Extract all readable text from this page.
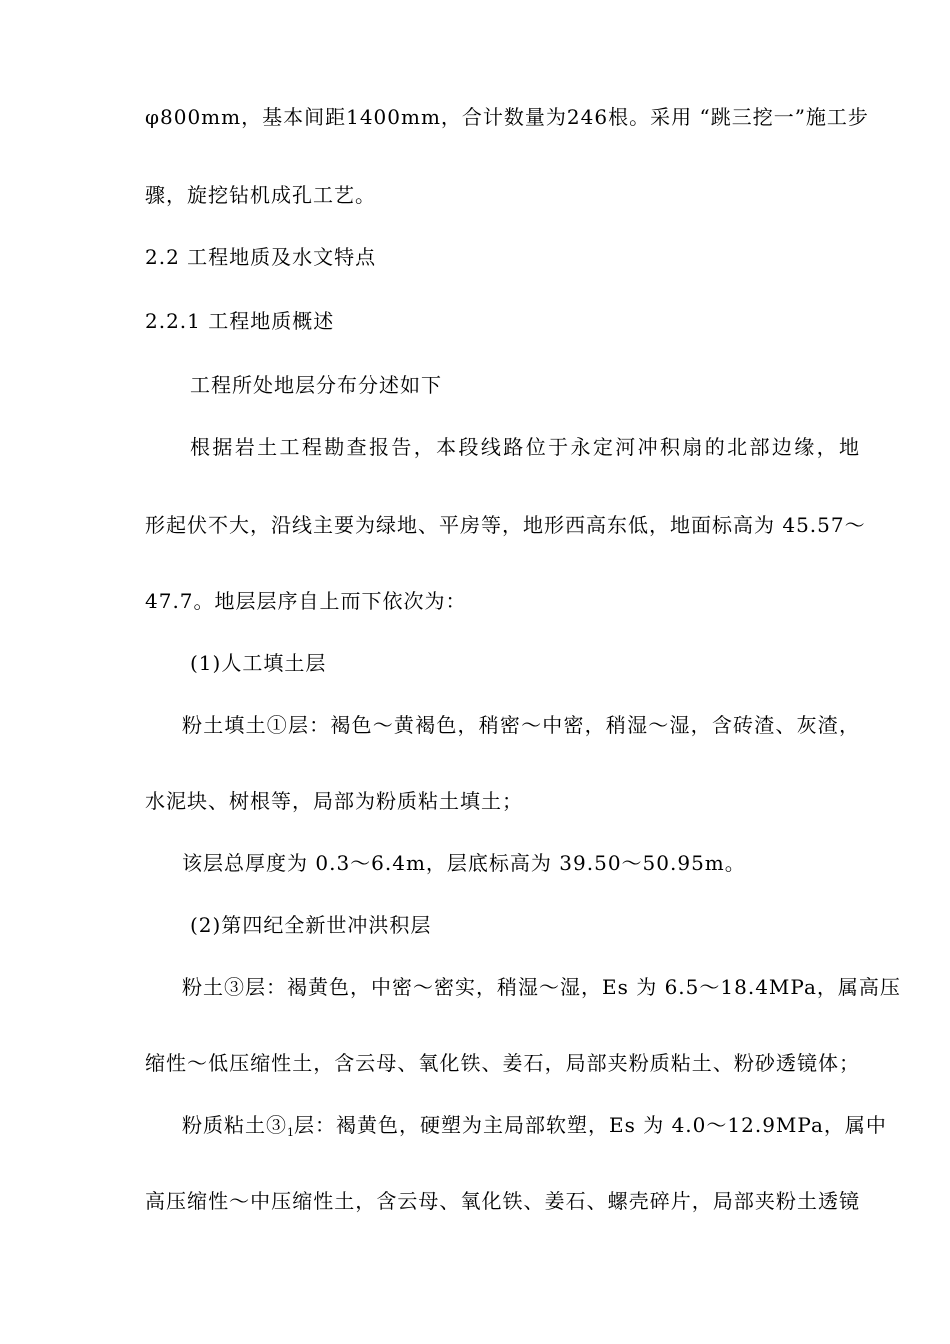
φ800mm，基本间距1400mm，合计数量为246根。采用 “跳三挖一”施工步
骤，旋挖钻机成孔工艺。
2.2 工程地质及水文特点
2.2.1 工程地质概述
工程所处地层分布分述如下
根据岩土工程勘查报告，本段线路位于永定河冲积扇的北部边缘，地
形起伏不大，沿线主要为绿地、平房等，地形西高东低，地面标高为 45.57～
47.7。地层层序自上而下依次为：
(1)人工填土层
粉土填土①层：褐色～黄褐色，稍密～中密，稍湿～湿，含砖渣、灰渣，
水泥块、树根等，局部为粉质粘土填土；
该层总厚度为 0.3～6.4m，层底标高为 39.50～50.95m。
(2)第四纪全新世冲洪积层
粉土③层：褐黄色，中密～密实，稍湿～湿，Es 为 6.5～18.4MPa，属高压
缩性～低压缩性土，含云母、氧化铁、姜石，局部夹粉质粘土、粉砂透镜体；
粉质粘土$③_1$层：褐黄色，硬塑为主局部软塑，Es 为 4.0～12.9MPa，属中
高压缩性～中压缩性土，含云母、氧化铁、姜石、螺壳碎片，局部夹粉土透镜
